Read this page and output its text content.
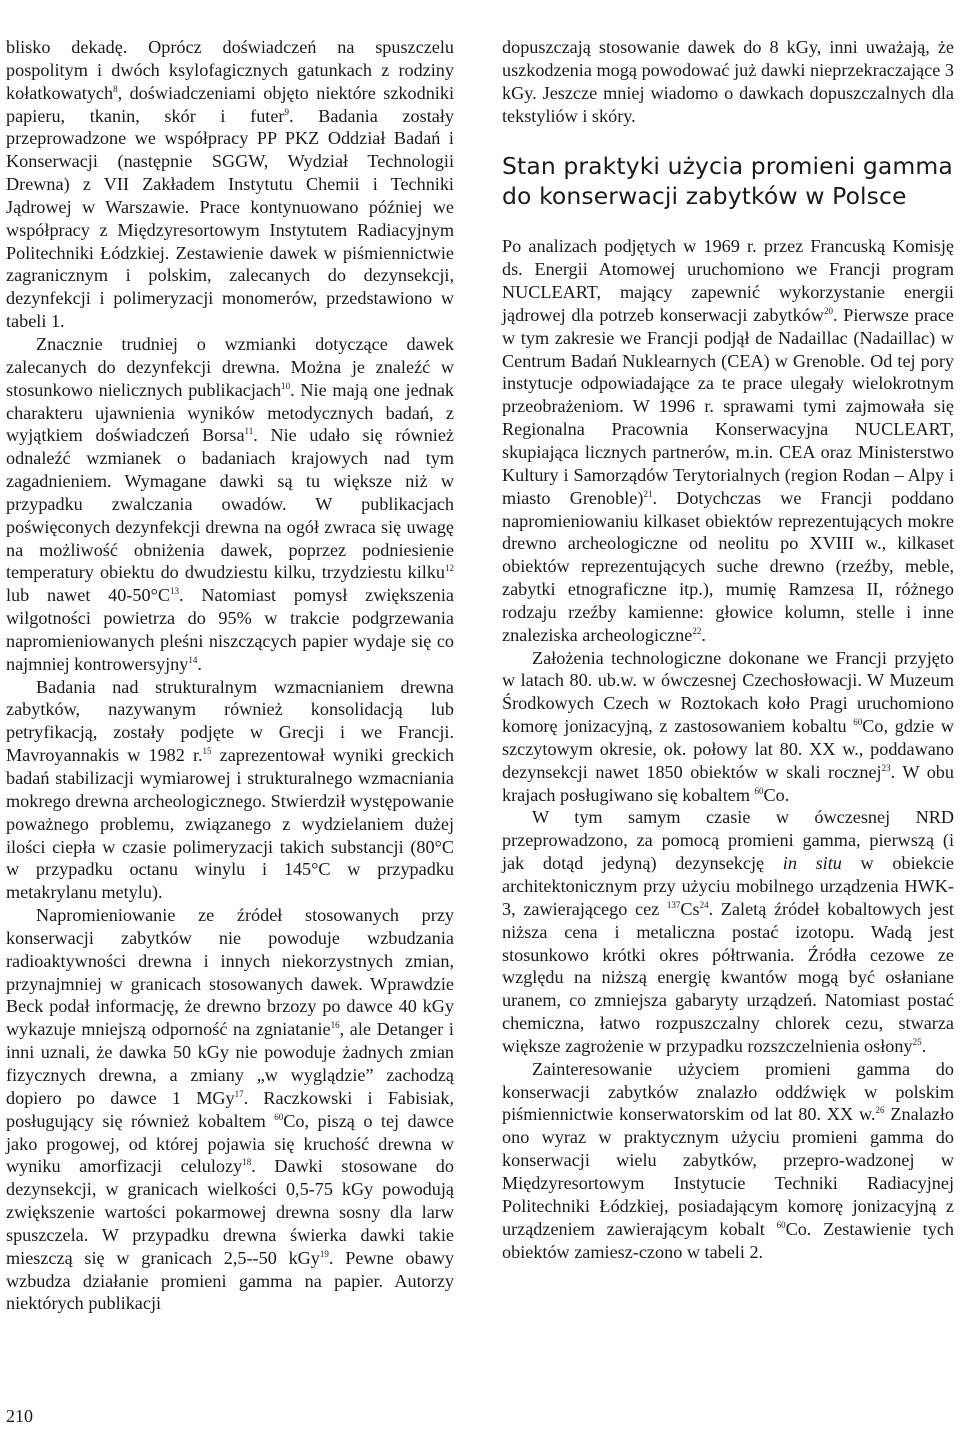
blisko dekadę. Oprócz doświadczeń na spuszczelu pospolitym i dwóch ksylofagicznych gatunkach z rodziny kołatkowatych$^8$, doświadczeniami objęto niektóre szkodniki papieru, tkanin, skór i futer$^9$. Badania zostały przeprowadzone we współpracy PP PKZ Oddział Badań i Konserwacji (następnie SGGW, Wydział Technologii Drewna) z VII Zakładem Instytutu Chemii i Techniki Jądrowej w Warszawie. Prace kontynuowano później we współpracy z Międzyresortowym Instytutem Radiacyjnym Politechniki Łódzkiej. Zestawienie dawek w piśmiennictwie zagranicznym i polskim, zalecanych do dezynsekcji, dezynfekcji i polimeryzacji monomerów, przedstawiono w tabeli 1.

Znacznie trudniej o wzmianki dotyczące dawek zalecanych do dezynfekcji drewna. Można je znaleźć w stosunkowo nielicznych publikacjach$^{10}$. Nie mają one jednak charakteru ujawnienia wyników metodycznych badań, z wyjątkiem doświadczeń Borsa$^{11}$. Nie udało się również odnaleźć wzmianek o badaniach krajowych nad tym zagadnieniem. Wymagane dawki są tu większe niż w przypadku zwalczania owadów. W publikacjach poświęconych dezynfekcji drewna na ogół zwraca się uwagę na możliwość obniżenia dawek, poprzez podniesienie temperatury obiektu do dwudziestu kilku, trzydziestu kilku$^{12}$ lub nawet $40-50^\circ C^{13}$. Natomiast pomysł zwiększenia wilgotności powietrza do 95% w trakcie podgrzewania napromieniowanych pleśni niszczących papier wydaje się co najmniej kontrowersyjny$^{14}$.

Badania nad strukturalnym wzmacnianiem drewna zabytków, nazywanym również konsolidacją lub petryfikacją, zostały podjęte w Grecji i we Francji. Mavroyannakis w 1982 r.$^{15}$ zaprezentował wyniki greckich badań stabilizacji wymiarowej i strukturalnego wzmacniania mokrego drewna archeologicznego. Stwierdził występowanie poważnego problemu, związanego z wydzielaniem dużej ilości ciepła w czasie polimeryzacji takich substancji (80°C w przypadku octanu winylu i 145°C w przypadku metakrylanu metylu).

Napromieniowanie ze źródeł stosowanych przy konserwacji zabytków nie powoduje wzbudzania radioaktywności drewna i innych niekorzystnych zmian, przynajmniej w granicach stosowanych dawek. Wprawdzie Beck podał informację, że drewno brzozy po dawce 40 kGy wykazuje mniejszą odporność na zgniatanie$^{16}$, ale Detanger i inni uznali, że dawka 50 kGy nie powoduje żadnych zmian fizycznych drewna, a zmiany „w wyglądzie” zachodzą dopiero po dawce 1 MGy$^{17}$. Raczkowski i Fabisiak, posługujący się również kobaltem $^{60}$Co, piszą o tej dawce jako progowej, od której pojawia się kruchość drewna w wyniku amorfizacji celulozy$^{18}$. Dawki stosowane do dezynsekcji, w granicach wielkości 0,5-75 kGy powodują zwiększenie wartości pokarmowej drewna sosny dla larw spuszczela. W przypadku drewna świerka dawki takie mieszczą się w granicach 2,5--50 kGy$^{19}$. Pewne obawy wzbudza działanie promieni gamma na papier. Autorzy niektórych publikacji

dopuszczają stosowanie dawek do 8 kGy, inni uważają, że uszkodzenia mogą powodować już dawki nieprzekraczające 3 kGy. Jeszcze mniej wiadomo o dawkach dopuszczalnych dla tekstyliów i skóry.

Stan praktyki użycia promieni gamma
do konserwacji zabytków w Polsce

Po analizach podjętych w 1969 r. przez Francuską Komisję ds. Energii Atomowej uruchomiono we Francji program NUCLEART, mający zapewnić wykorzystanie energii jądrowej dla potrzeb konserwacji zabytków$^{20}$. Pierwsze prace w tym zakresie we Francji podjął de Nadaillac (Nadaillac) w Centrum Badań Nuklearnych (CEA) w Grenoble. Od tej pory instytucje odpowiadające za te prace ulegały wielokrotnym przeobrażeniom. W 1996 r. sprawami tymi zajmowała się Regionalna Pracownia Konserwacyjna NUCLEART, skupiająca licznych partnerów, m.in. CEA oraz Ministerstwo Kultury i Samorządów Terytorialnych (region Rodan – Alpy i miasto Grenoble)$^{21}$. Dotychczas we Francji poddano napromieniowaniu kilkaset obiektów reprezentujących mokre drewno archeologiczne od neolitu po XVIII w., kilkaset obiektów reprezentujących suche drewno (rzeźby, meble, zabytki etnograficzne itp.), mumię Ramzesa II, różnego rodzaju rzeźby kamienne: głowice kolumn, stelle i inne znaleziska archeologiczne$^{22}$.

Założenia technologiczne dokonane we Francji przyjęto w latach 80. ub.w. w ówczesnej Czechosłowacji. W Muzeum Środkowych Czech w Roztokach koło Pragi uruchomiono komorę jonizacyjną, z zastosowaniem kobaltu $^{60}$Co, gdzie w szczytowym okresie, ok. połowy lat 80. XX w., poddawano dezynsekcji nawet 1850 obiektów w skali rocznej$^{23}$. W obu krajach posługiwano się kobaltem $^{60}$Co.

W tym samym czasie w ówczesnej NRD przeprowadzono, za pomocą promieni gamma, pierwszą (i jak dotąd jedyną) dezynsekcję in situ w obiekcie architektonicznym przy użyciu mobilnego urządzenia HWK-3, zawierającego cez $^{137}$Cs$^{24}$. Zaletą źródeł kobaltowych jest niższa cena i metaliczna postać izotopu. Wadą jest stosunkowo krótki okres półtrwania. Źródła cezowe ze względu na niższą energię kwantów mogą być osłaniane uranem, co zmniejsza gabaryty urządzeń. Natomiast postać chemiczna, łatwo rozpuszczalny chlorek cezu, stwarza większe zagrożenie w przypadku rozszczelnienia osłony$^{25}$.

Zainteresowanie użyciem promieni gamma do konserwacji zabytków znalazło oddźwięk w polskim piśmiennictwie konserwatorskim od lat 80. XX w.$^{26}$ Znalazło ono wyraz w praktycznym użyciu promieni gamma do konserwacji wielu zabytków, przepro-wadzonej w Międzyresortowym Instytucie Techniki Radiacyjnej Politechniki Łódzkiej, posiadającym komorę jonizacyjną z urządzeniem zawierającym kobalt $^{60}$Co. Zestawienie tych obiektów zamiesz-czono w tabeli 2.

210
